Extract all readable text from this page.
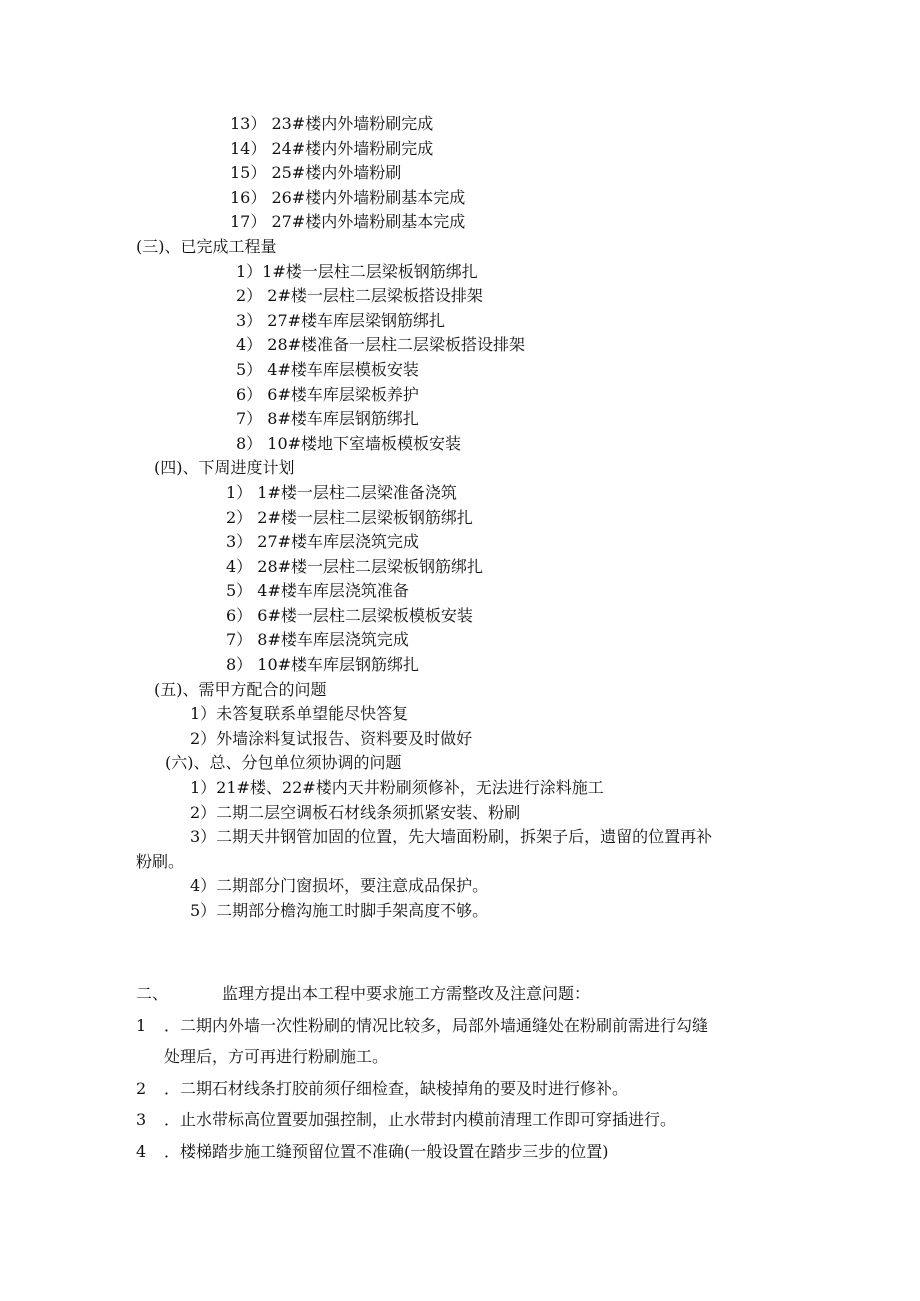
13） 23#楼内外墙粉刷完成
14） 24#楼内外墙粉刷完成
15） 25#楼内外墙粉刷
16） 26#楼内外墙粉刷基本完成
17） 27#楼内外墙粉刷基本完成
(三)、已完成工程量
1）1#楼一层柱二层梁板钢筋绑扎
2） 2#楼一层柱二层梁板搭设排架
3） 27#楼车库层梁钢筋绑扎
4） 28#楼准备一层柱二层梁板搭设排架
5） 4#楼车库层模板安装
6） 6#楼车库层梁板养护
7） 8#楼车库层钢筋绑扎
8） 10#楼地下室墙板模板安装
(四)、下周进度计划
1） 1#楼一层柱二层梁准备浇筑
2） 2#楼一层柱二层梁板钢筋绑扎
3） 27#楼车库层浇筑完成
4） 28#楼一层柱二层梁板钢筋绑扎
5） 4#楼车库层浇筑准备
6） 6#楼一层柱二层梁板模板安装
7） 8#楼车库层浇筑完成
8） 10#楼车库层钢筋绑扎
(五)、需甲方配合的问题
1）未答复联系单望能尽快答复
2）外墙涂料复试报告、资料要及时做好
(六)、总、分包单位须协调的问题
1）21#楼、22#楼内天井粉刷须修补，无法进行涂料施工
2）二期二层空调板石材线条须抓紧安装、粉刷
3）二期天井钢管加固的位置，先大墙面粉刷，拆架子后，遗留的位置再补
粉刷。
4）二期部分门窗损坏，要注意成品保护。
5）二期部分檐沟施工时脚手架高度不够。
二、	监理方提出本工程中要求施工方需整改及注意问题：
1	．二期内外墙一次性粉刷的情况比较多，局部外墙通缝处在粉刷前需进行勾缝
处理后，方可再进行粉刷施工。
2	．二期石材线条打胶前须仔细检查，缺棱掉角的要及时进行修补。
3	．止水带标高位置要加强控制，止水带封内模前清理工作即可穿插进行。
4	．楼梯踏步施工缝预留位置不准确(一般设置在踏步三步的位置)
